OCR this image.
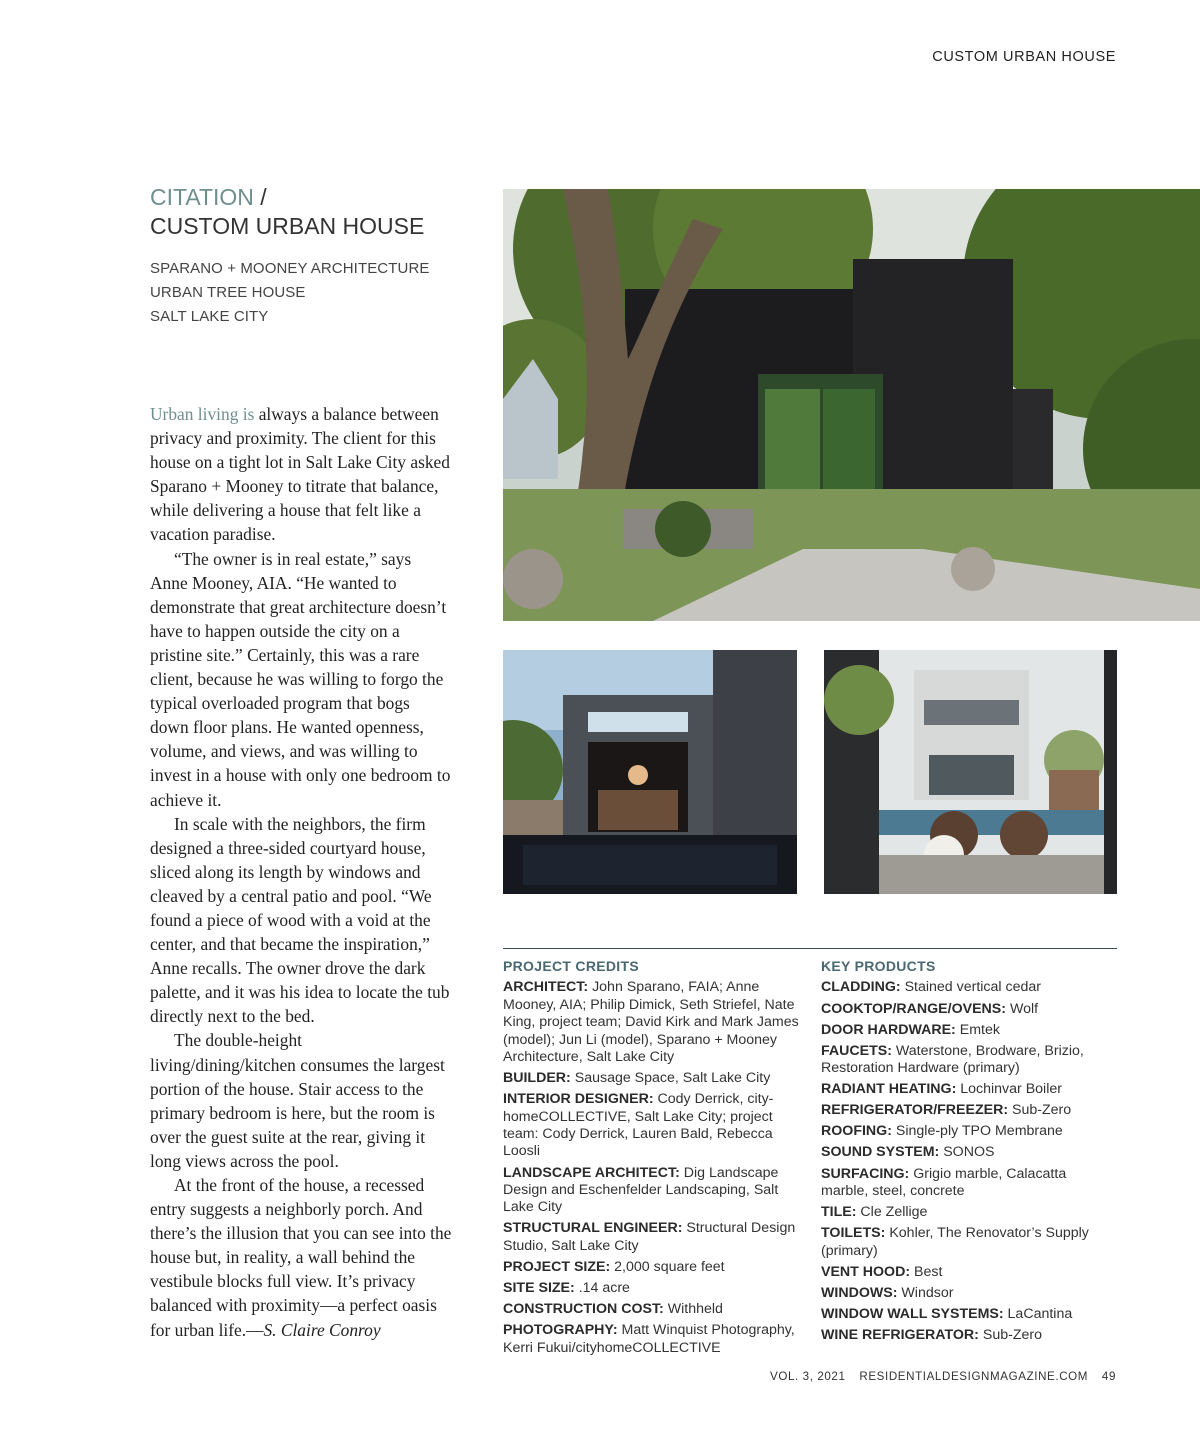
CUSTOM URBAN HOUSE
CITATION /
CUSTOM URBAN HOUSE
SPARANO + MOONEY ARCHITECTURE
URBAN TREE HOUSE
SALT LAKE CITY

Urban living is always a balance between privacy and proximity. The client for this house on a tight lot in Salt Lake City asked Sparano + Mooney to titrate that balance, while delivering a house that felt like a vacation paradise.

“The owner is in real estate,” says Anne Mooney, AIA. “He wanted to demonstrate that great architecture doesn’t have to happen outside the city on a pristine site.” Certainly, this was a rare client, because he was willing to forgo the typical overloaded program that bogs down floor plans. He wanted openness, volume, and views, and was willing to invest in a house with only one bedroom to achieve it.

In scale with the neighbors, the firm designed a three-sided courtyard house, sliced along its length by windows and cleaved by a central patio and pool. “We found a piece of wood with a void at the center, and that became the inspiration,” Anne recalls. The owner drove the dark palette, and it was his idea to locate the tub directly next to the bed.

The double-height living/dining/kitchen consumes the largest portion of the house. Stair access to the primary bedroom is here, but the room is over the guest suite at the rear, giving it long views across the pool.

At the front of the house, a recessed entry suggests a neighborly porch. And there’s the illusion that you can see into the house but, in reality, a wall behind the vestibule blocks full view. It’s privacy balanced with proximity—a perfect oasis for urban life.—S. Claire Conroy

PROJECT CREDITS
ARCHITECT: John Sparano, FAIA; Anne Mooney, AIA; Philip Dimick, Seth Striefel, Nate King, project team; David Kirk and Mark James (model); Jun Li (model), Sparano + Mooney Architecture, Salt Lake City
BUILDER: Sausage Space, Salt Lake City
INTERIOR DESIGNER: Cody Derrick, cityhomeCOLLECTIVE, Salt Lake City; project team: Cody Derrick, Lauren Bald, Rebecca Loosli
LANDSCAPE ARCHITECT: Dig Landscape Design and Eschenfelder Landscaping, Salt Lake City
STRUCTURAL ENGINEER: Structural Design Studio, Salt Lake City
PROJECT SIZE: 2,000 square feet
SITE SIZE: .14 acre
CONSTRUCTION COST: Withheld
PHOTOGRAPHY: Matt Winquist Photography, Kerri Fukui/cityhomeCOLLECTIVE
KEY PRODUCTS
CLADDING: Stained vertical cedar
COOKTOP/RANGE/OVENS: Wolf
DOOR HARDWARE: Emtek
FAUCETS: Waterstone, Brodware, Brizio, Restoration Hardware (primary)
RADIANT HEATING: Lochinvar Boiler
REFRIGERATOR/FREEZER: Sub-Zero
ROOFING: Single-ply TPO Membrane
SOUND SYSTEM: SONOS
SURFACING: Grigio marble, Calacatta marble, steel, concrete
TILE: Cle Zellige
TOILETS: Kohler, The Renovator’s Supply (primary)
VENT HOOD: Best
WINDOWS: Windsor
WINDOW WALL SYSTEMS: LaCantina
WINE REFRIGERATOR: Sub-Zero
VOL. 3, 2021 RESIDENTIALDESIGNMAGAZINE.COM 49
